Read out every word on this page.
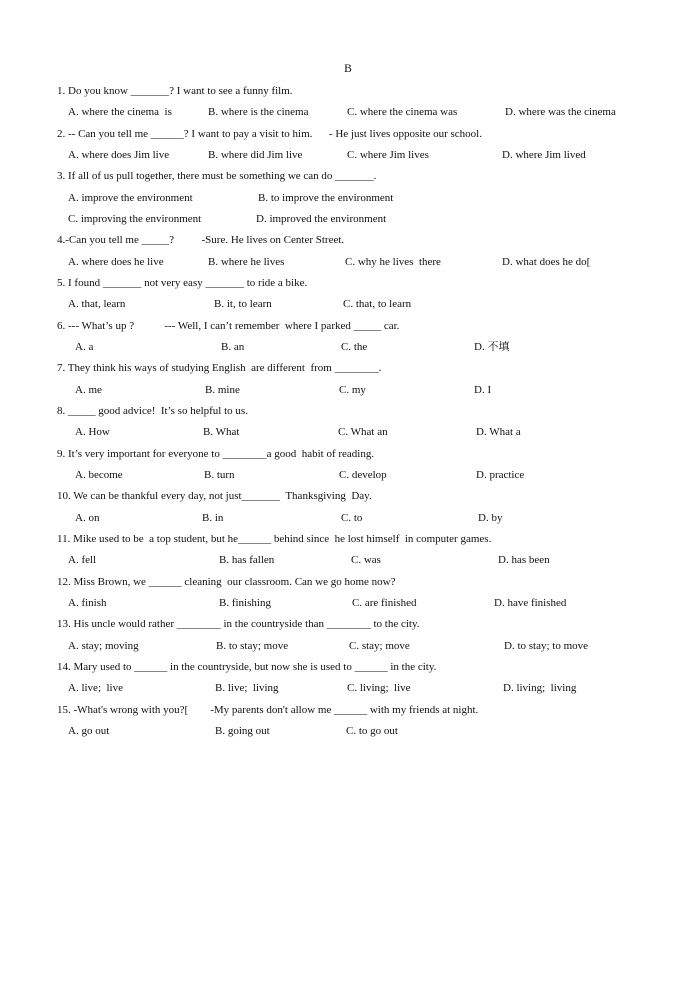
B
1. Do you know _______? I want to see a funny film.
A. where the cinema  is	B. where is the cinema	C. where the cinema was	D. where was the cinema
2. -- Can you tell me ______? I want to pay a visit to him.      - He just lives opposite our school.
A. where does Jim live	B. where did Jim live	C. where Jim lives	D. where Jim lived
3. If all of us pull together, there must be something we can do _______.
A. improve the environment	B. to improve the environment
C. improving the environment	D. improved the environment
4.-Can you tell me _____?          -Sure. He lives on Center Street.
A. where does he live	B. where he lives	C. why he lives  there	D. what does he do[
5. I found _______ not very easy _______ to ride a bike.
A. that, learn	B. it, to learn	C. that, to learn
6. --- What’s up ?           --- Well, I can’t remember  where I parked _____ car.
A. a	B. an	C. the	D. 不填
7. They think his ways of studying English  are different  from ________.
A. me	B. mine	C. my	D. I
8. _____ good advice!  It’s so helpful to us.
A. How	B. What	C. What an	D. What a
9. It’s very important for everyone to ________a good  habit of reading.
A. become	B. turn	C. develop	D. practice
10. We can be thankful every day, not just_______  Thanksgiving  Day.
A. on	B. in	C. to	D. by
11. Mike used to be  a top student, but he______ behind since  he lost himself  in computer games.
A. fell	B. has fallen	C. was	D. has been
12. Miss Brown, we ______ cleaning  our classroom. Can we go home now?
A. finish	B. finishing	C. are finished	D. have finished
13. His uncle would rather ________ in the countryside than ________ to the city.
A. stay; moving	B. to stay; move	C. stay; move	D. to stay; to move
14. Mary used to ______ in the countryside, but now she is used to ______ in the city.
A. live;  live	B. live;  living	C. living;  live	D. living;  living
15. -What's wrong with you?[        -My parents don't allow me ______ with my friends at night.
A. go out	B. going out	C. to go out
